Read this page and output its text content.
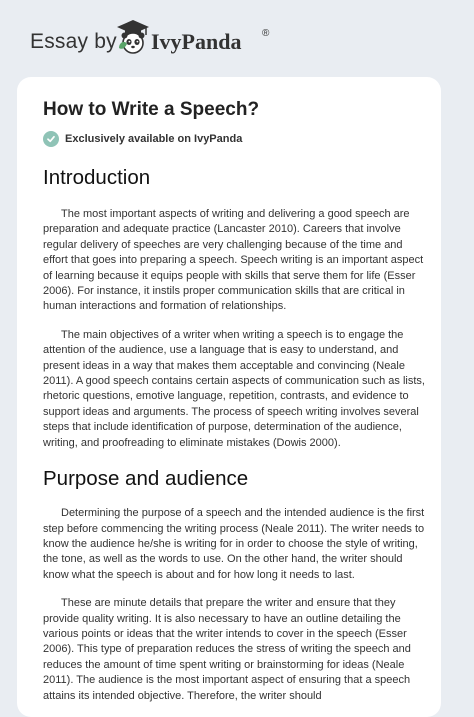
Essay by IvyPanda ®
How to Write a Speech?
Exclusively available on IvyPanda
Introduction

The most important aspects of writing and delivering a good speech are preparation and adequate practice (Lancaster 2010). Careers that involve regular delivery of speeches are very challenging because of the time and effort that goes into preparing a speech. Speech writing is an important aspect of learning because it equips people with skills that serve them for life (Esser 2006). For instance, it instils proper communication skills that are critical in human interactions and formation of relationships.

The main objectives of a writer when writing a speech is to engage the attention of the audience, use a language that is easy to understand, and present ideas in a way that makes them acceptable and convincing (Neale 2011). A good speech contains certain aspects of communication such as lists, rhetoric questions, emotive language, repetition, contrasts, and evidence to support ideas and arguments. The process of speech writing involves several steps that include identification of purpose, determination of the audience, writing, and proofreading to eliminate mistakes (Dowis 2000).

Purpose and audience

Determining the purpose of a speech and the intended audience is the first step before commencing the writing process (Neale 2011). The writer needs to know the audience he/she is writing for in order to choose the style of writing, the tone, as well as the words to use. On the other hand, the writer should know what the speech is about and for how long it needs to last.

These are minute details that prepare the writer and ensure that they provide quality writing. It is also necessary to have an outline detailing the various points or ideas that the writer intends to cover in the speech (Esser 2006). This type of preparation reduces the stress of writing the speech and reduces the amount of time spent writing or brainstorming for ideas (Neale 2011). The audience is the most important aspect of ensuring that a speech attains its intended objective. Therefore, the writer should
